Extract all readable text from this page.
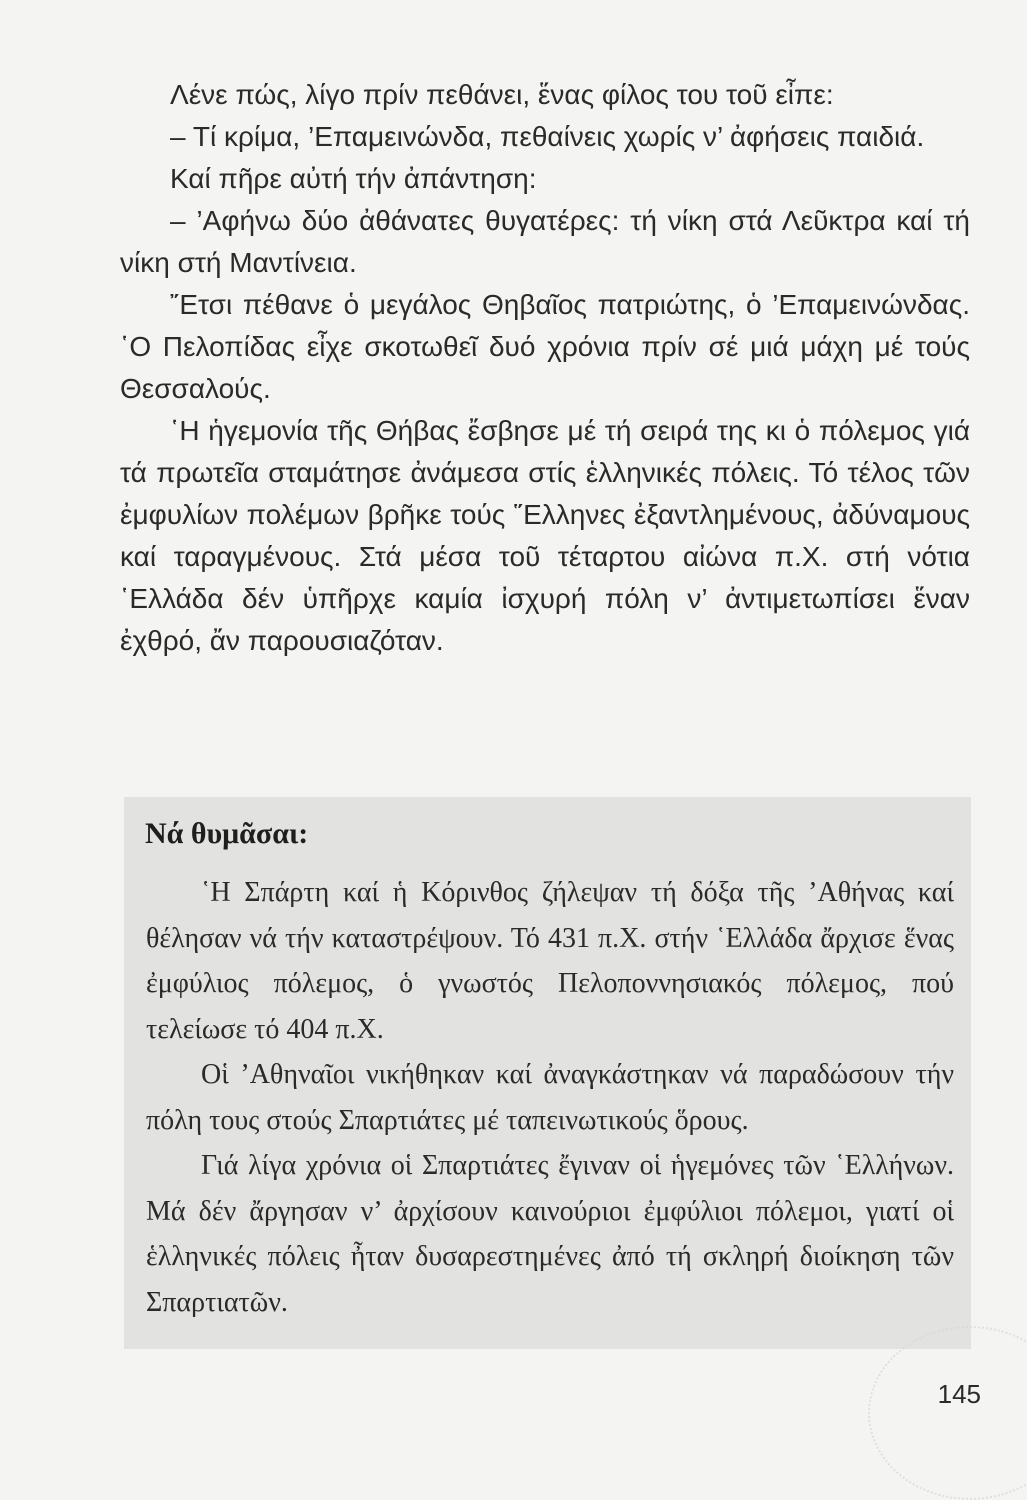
Λένε πώς, λίγο πρίν πεθάνει, ἕνας φίλος του τοῦ εἶπε:

– Τί κρίμα, ’Επαμεινώνδα, πεθαίνεις χωρίς ν’ ἀφήσεις παιδιά.

Καί πῆρε αὐτή τήν ἀπάντηση:

– ’Αφήνω δύο ἀθάνατες θυγατέρες: τή νίκη στά Λεῦκτρα καί τή νίκη στή Μαντίνεια.

῎Ετσι πέθανε ὁ μεγάλος Θηβαῖος πατριώτης, ὁ ’Επαμεινώνδας. ῾Ο Πελοπίδας εἶχε σκοτωθεῖ δυό χρόνια πρίν σέ μιά μάχη μέ τούς Θεσσαλούς.

῾Η ἡγεμονία τῆς Θήβας ἔσβησε μέ τή σειρά της κι ὁ πόλεμος γιά τά πρωτεῖα σταμάτησε ἀνάμεσα στίς ἑλληνικές πόλεις. Τό τέλος τῶν ἐμφυλίων πολέμων βρῆκε τούς ῞Ελληνες ἐξαντλημένους, ἀδύναμους καί ταραγμένους. Στά μέσα τοῦ τέταρτου αἰώνα π.Χ. στή νότια ῾Ελλάδα δέν ὑπῆρχε καμία ἰσχυρή πόλη ν’ ἀντιμετωπίσει ἕναν ἐχθρό, ἄν παρουσιαζόταν.

Νά θυμᾶσαι:

῾Η Σπάρτη καί ἡ Κόρινθος ζήλεψαν τή δόξα τῆς ’Αθήνας καί θέλησαν νά τήν καταστρέψουν. Τό 431 π.Χ. στήν ῾Ελλάδα ἄρχισε ἕνας ἐμφύλιος πόλεμος, ὁ γνωστός Πελοποννησιακός πόλεμος, πού τελείωσε τό 404 π.Χ.

Οἱ ’Αθηναῖοι νικήθηκαν καί ἀναγκάστηκαν νά παραδώσουν τήν πόλη τους στούς Σπαρτιάτες μέ ταπεινωτικούς ὅρους.

Γιά λίγα χρόνια οἱ Σπαρτιάτες ἔγιναν οἱ ἡγεμόνες τῶν ῾Ελλήνων. Μά δέν ἄργησαν ν’ ἀρχίσουν καινούριοι ἐμφύλιοι πόλεμοι, γιατί οἱ ἑλληνικές πόλεις ἦταν δυσαρεστημένες ἀπό τή σκληρή διοίκηση τῶν Σπαρτιατῶν.

145
